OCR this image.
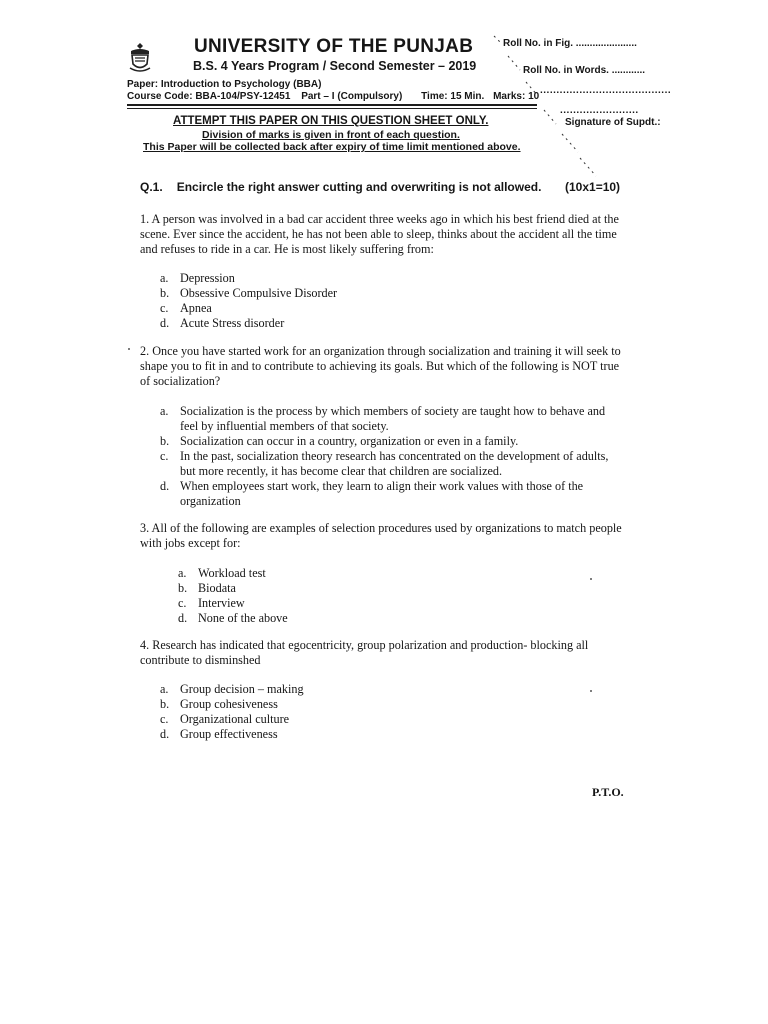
UNIVERSITY OF THE PUNJAB
B.S. 4 Years Program / Second Semester – 2019
Paper: Introduction to Psychology (BBA)
Course Code: BBA-104/PSY-12451 Part – I (Compulsory) Time: 15 Min. Marks: 10
ATTEMPT THIS PAPER ON THIS QUESTION SHEET ONLY.
Division of marks is given in front of each question.
This Paper will be collected back after expiry of time limit mentioned above.
Roll No. in Fig. ......................
Roll No. in Words. ............
........................................
........................
Signature of Supdt.:
Q.1. Encircle the right answer cutting and overwriting is not allowed. (10x1=10)
1. A person was involved in a bad car accident three weeks ago in which his best friend died at the scene. Ever since the accident, he has not been able to sleep, thinks about the accident all the time and refuses to ride in a car. He is most likely suffering from:
a. Depression
b. Obsessive Compulsive Disorder
c. Apnea
d. Acute Stress disorder
2. Once you have started work for an organization through socialization and training it will seek to shape you to fit in and to contribute to achieving its goals. But which of the following is NOT true of socialization?
a. Socialization is the process by which members of society are taught how to behave and feel by influential members of that society.
b. Socialization can occur in a country, organization or even in a family.
c. In the past, socialization theory research has concentrated on the development of adults, but more recently, it has become clear that children are socialized.
d. When employees start work, they learn to align their work values with those of the organization
3. All of the following are examples of selection procedures used by organizations to match people with jobs except for:
a. Workload test
b. Biodata
c. Interview
d. None of the above
4. Research has indicated that egocentricity, group polarization and production- blocking all contribute to disminshed
a. Group decision – making
b. Group cohesiveness
c. Organizational culture
d. Group effectiveness
P.T.O.
